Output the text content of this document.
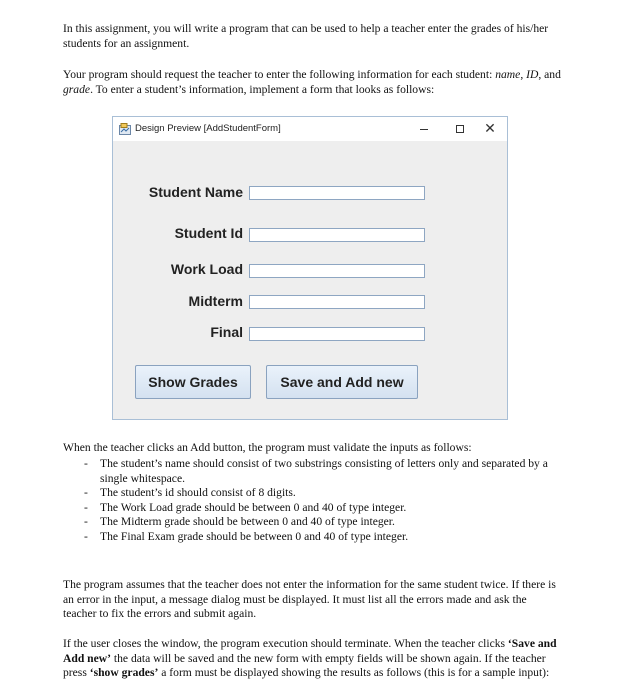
In this assignment, you will write a program that can be used to help a teacher enter the grades of his/her students for an assignment.

Your program should request the teacher to enter the following information for each student: name, ID, and grade. To enter a student’s information, implement a form that looks as follows:

Design Preview [AddStudentForm]	✕
Student Name
Student Id
Work Load
Midterm
Final
Show Grades	Save and Add new

When the teacher clicks an Add button, the program must validate the inputs as follows:

- The student’s name should consist of two substrings consisting of letters only and separated by a single whitespace.
- The student’s id should consist of 8 digits.
- The Work Load grade should be between 0 and 40 of type integer.
- The Midterm grade should be between 0 and 40 of type integer.
- The Final Exam grade should be between 0 and 40 of type integer.

The program assumes that the teacher does not enter the information for the same student twice. If there is an error in the input, a message dialog must be displayed. It must list all the errors made and ask the teacher to fix the errors and submit again.

If the user closes the window, the program execution should terminate. When the teacher clicks ‘Save and Add new’ the data will be saved and the new form with empty fields will be shown again. If the teacher press ‘show grades’ a form must be displayed showing the results as follows (this is for a sample input):
